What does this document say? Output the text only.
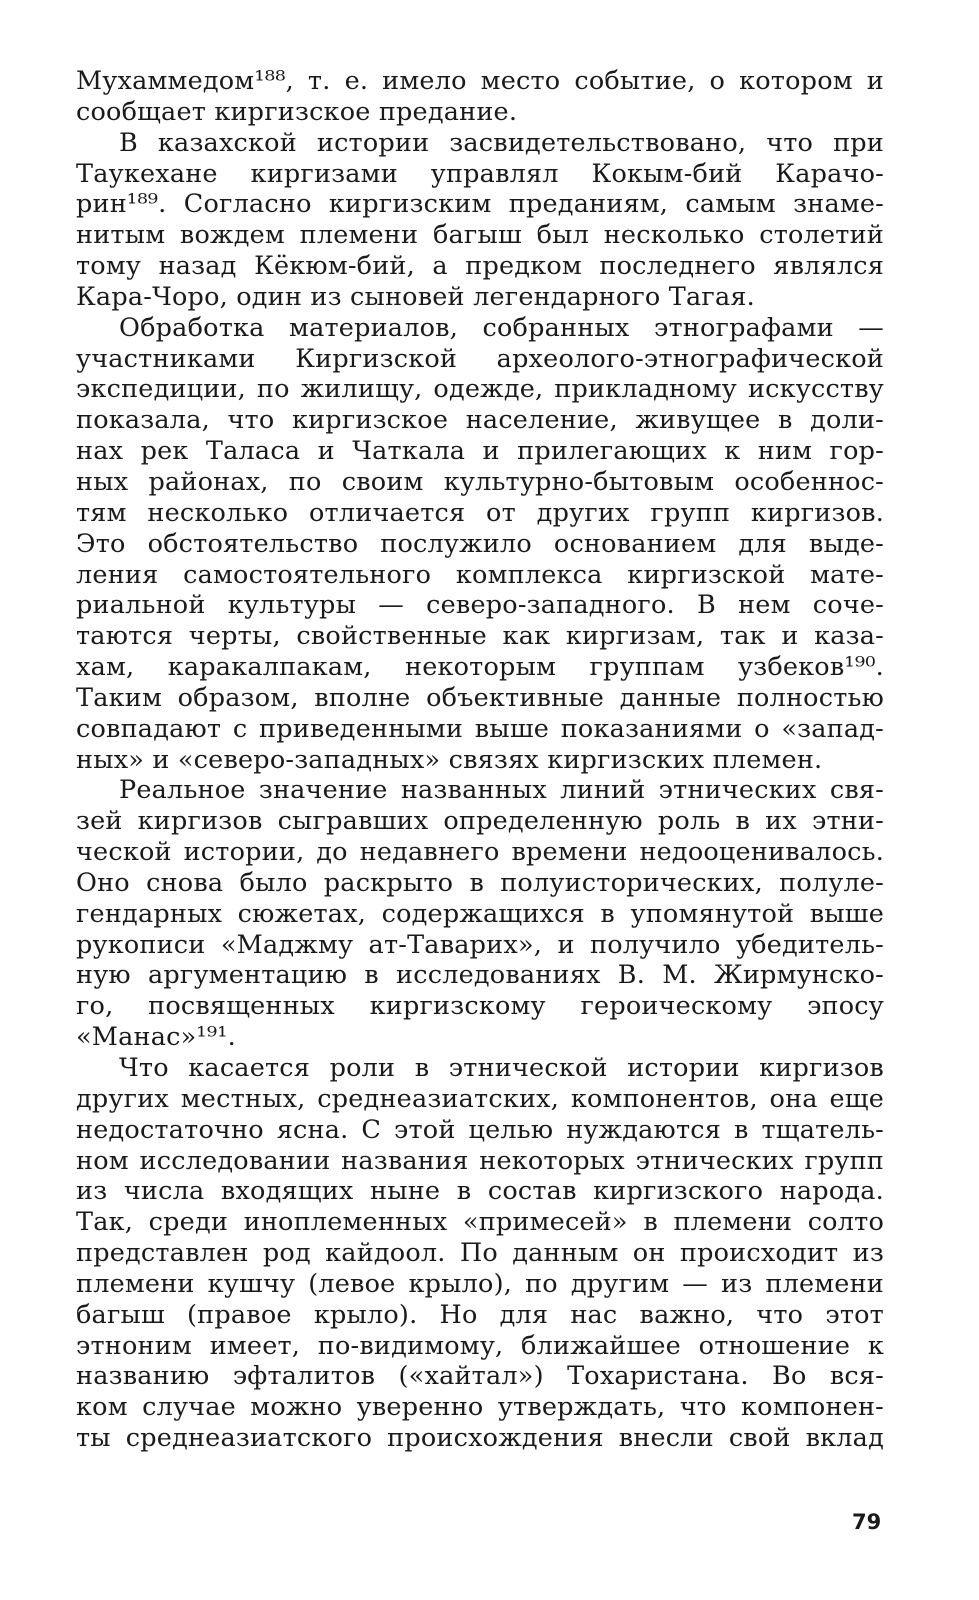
Мухаммедом¹⁸⁸, т. е. имело место событие, о котором и
сообщает киргизское предание.
В казахской истории засвидетельствовано, что при
Таукехане киргизами управлял Кокым-бий Карачо-
рин¹⁸⁹. Согласно киргизским преданиям, самым знаме-
нитым вождем племени багыш был несколько столетий
тому назад Кёкюм-бий, а предком последнего являлся
Кара-Чоро, один из сыновей легендарного Тагая.
Обработка материалов, собранных этнографами —
участниками Киргизской археолого-этнографической
экспедиции, по жилищу, одежде, прикладному искусству
показала, что киргизское население, живущее в доли-
нах рек Таласа и Чаткала и прилегающих к ним гор-
ных районах, по своим культурно-бытовым особеннос-
тям несколько отличается от других групп киргизов.
Это обстоятельство послужило основанием для выде-
ления самостоятельного комплекса киргизской мате-
риальной культуры — северо-западного. В нем соче-
таются черты, свойственные как киргизам, так и каза-
хам, каракалпакам, некоторым группам узбеков¹⁹⁰.
Таким образом, вполне объективные данные полностью
совпадают с приведенными выше показаниями о «запад-
ных» и «северо-западных» связях киргизских племен.
Реальное значение названных линий этнических свя-
зей киргизов сыгравших определенную роль в их этни-
ческой истории, до недавнего времени недооценивалось.
Оно снова было раскрыто в полуисторических, полуле-
гендарных сюжетах, содержащихся в упомянутой выше
рукописи «Маджму ат-Таварих», и получило убедитель-
ную аргументацию в исследованиях В. М. Жирмунско-
го, посвященных киргизскому героическому эпосу
«Манас»¹⁹¹.
Что касается роли в этнической истории киргизов
других местных, среднеазиатских, компонентов, она еще
недостаточно ясна. С этой целью нуждаются в тщатель-
ном исследовании названия некоторых этнических групп
из числа входящих ныне в состав киргизского народа.
Так, среди иноплеменных «примесей» в племени солто
представлен род кайдоол. По данным он происходит из
племени кушчу (левое крыло), по другим — из племени
багыш (правое крыло). Но для нас важно, что этот
этноним имеет, по-видимому, ближайшее отношение к
названию эфталитов («хайтал») Тохаристана. Во вся-
ком случае можно уверенно утверждать, что компонен-
ты среднеазиатского происхождения внесли свой вклад
79
